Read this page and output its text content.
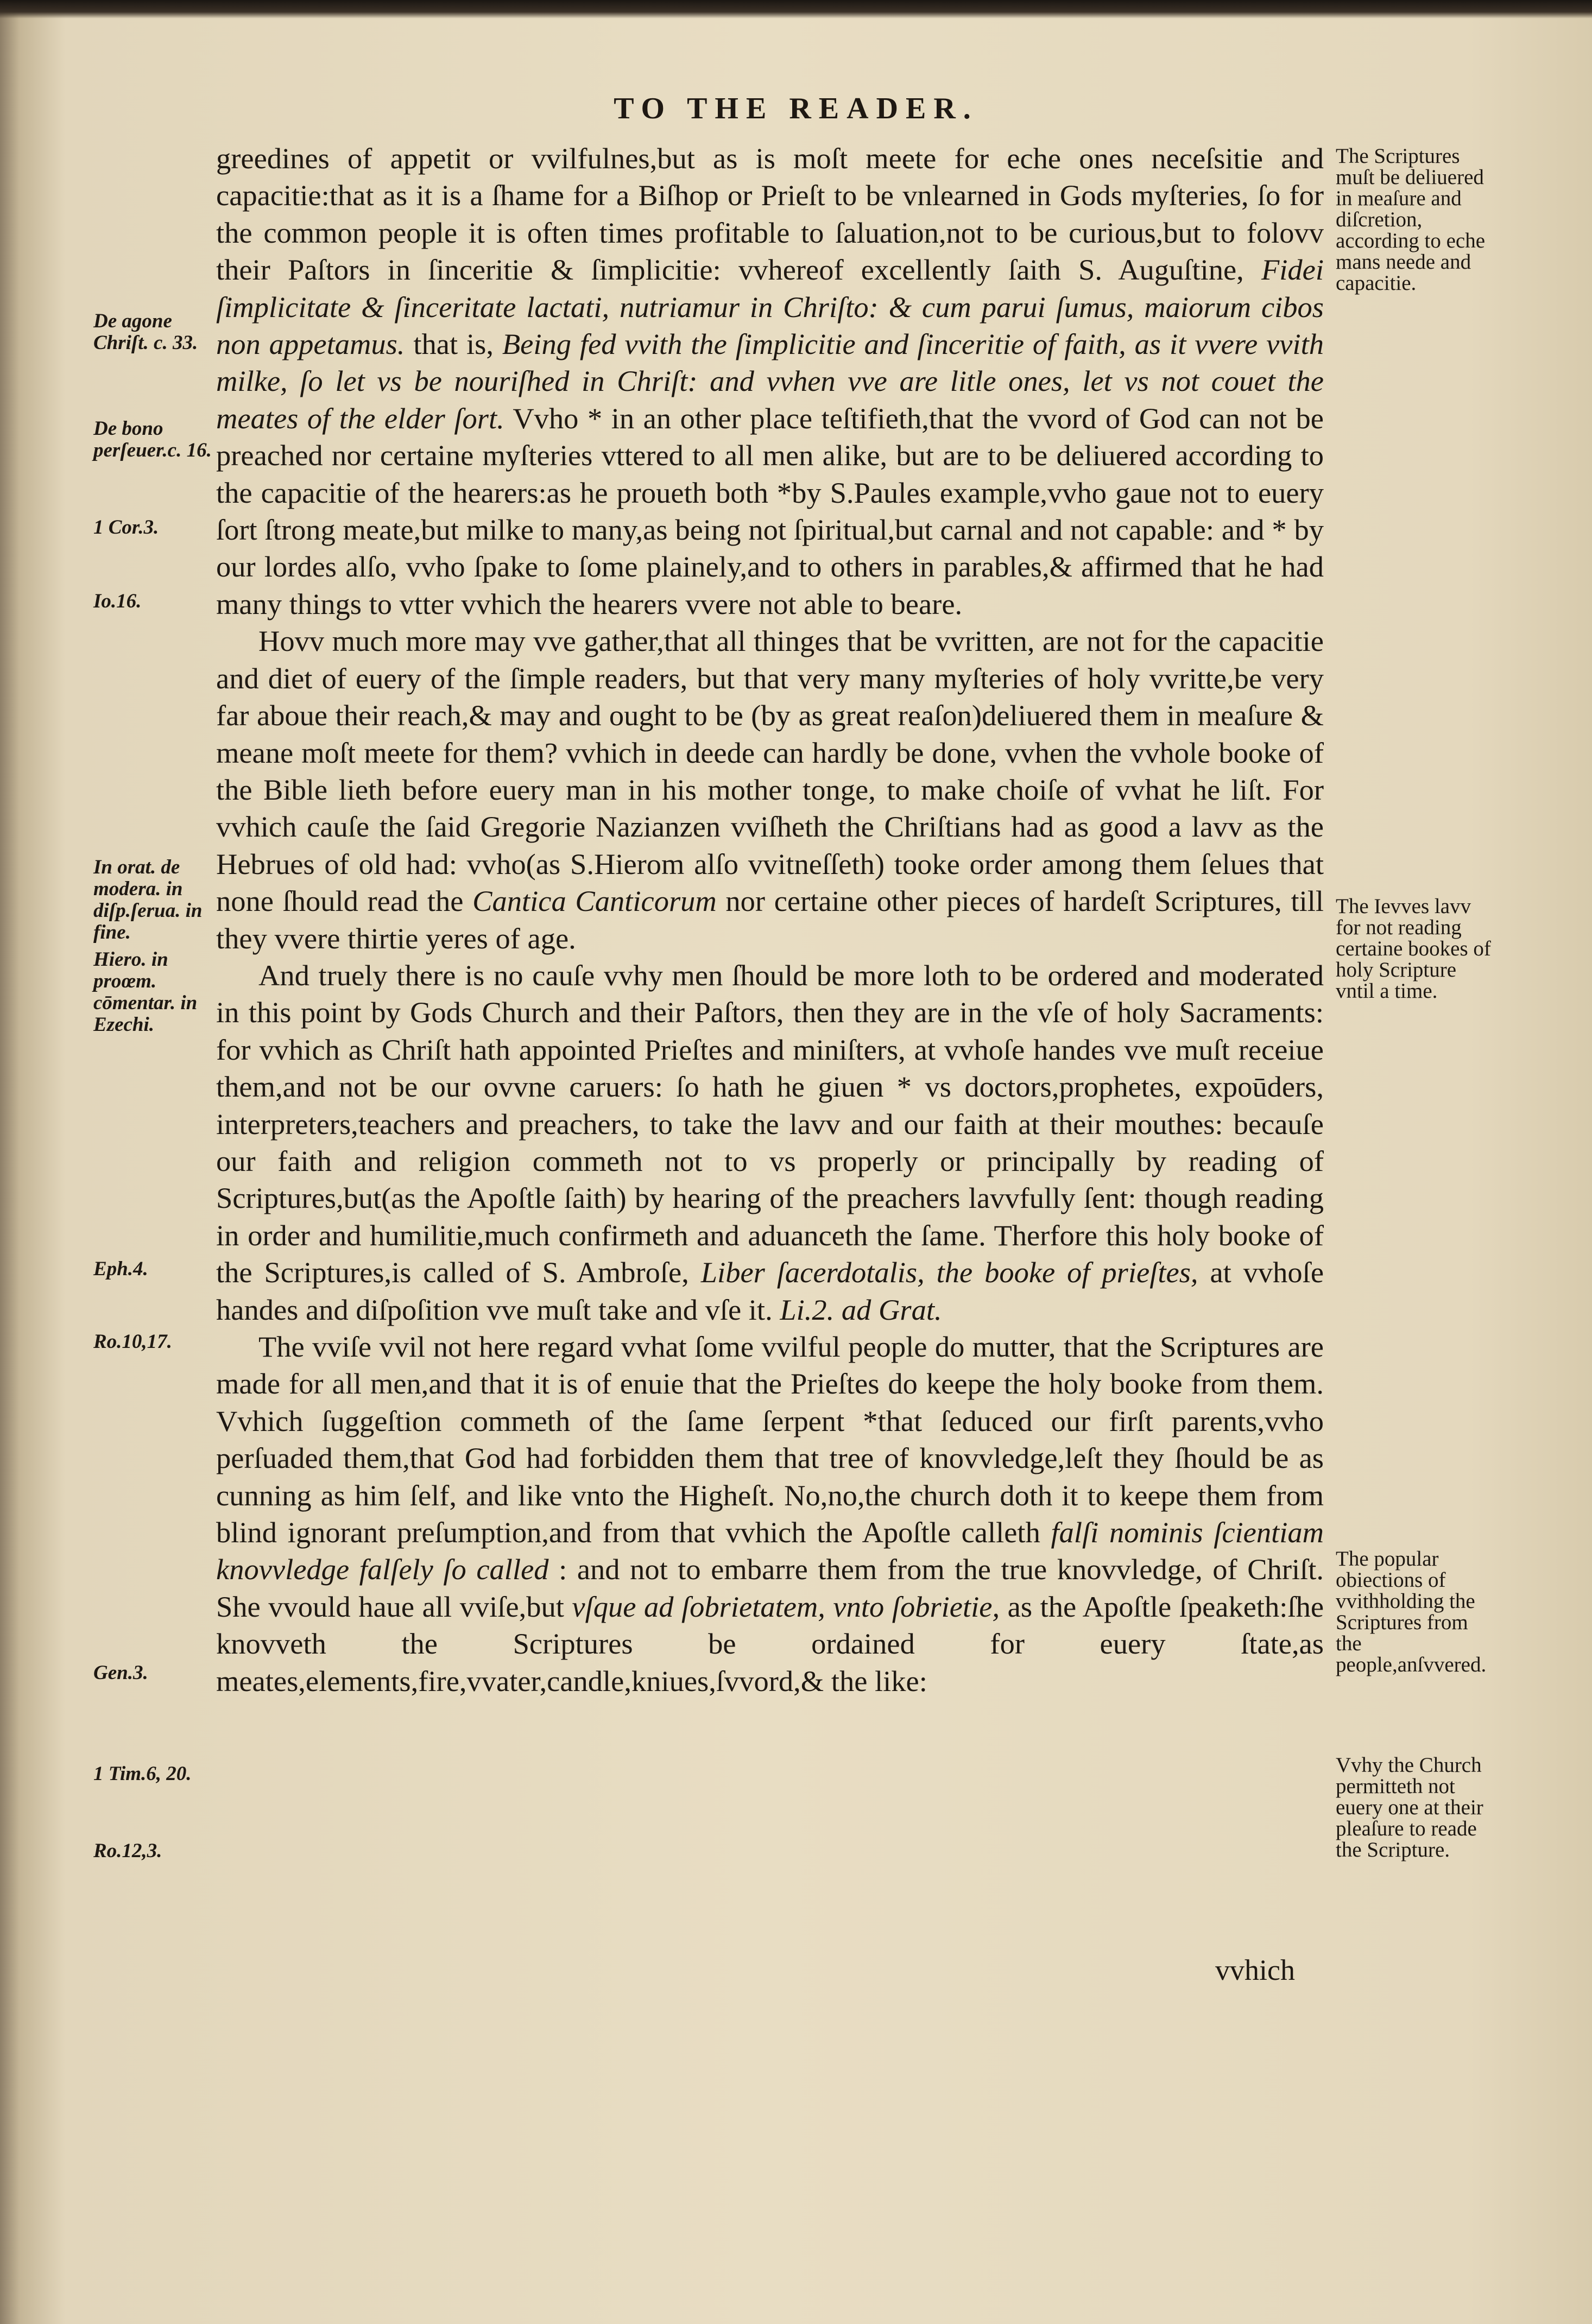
TO THE READER.

greedines of appetit or vvilfulnes,but as is moſt meete for eche ones neceſsitie and capacitie:that as it is a ſhame for a Biſhop or Prieſt to be vnlearned in Gods myſteries, ſo for the common people it is often times profitable to ſaluation,not to be curious,but to folovv their Paſtors in ſinceritie & ſimplicitie: vvhereof excellently ſaith S. Auguſtine, Fidei ſimplicitate & ſinceritate lactati, nutriamur in Chriſto: & cum parui ſumus, maiorum cibos non appetamus. that is, Being fed vvith the ſimplicitie and ſinceritie of faith, as it vvere vvith milke, ſo let vs be nouriſhed in Chriſt: and vvhen vve are litle ones, let vs not couet the meates of the elder ſort. Vvho * in an other place teſtifieth,that the vvord of God can not be preached nor certaine myſteries vttered to all men alike, but are to be deliuered according to the capacitie of the hearers:as he proueth both *by S.Paules example,vvho gaue not to euery ſort ſtrong meate,but milke to many,as being not ſpiritual,but carnal and not capable: and * by our lordes alſo, vvho ſpake to ſome plainely,and to others in parables,& affirmed that he had many things to vtter vvhich the hearers vvere not able to beare.

Hovv much more may vve gather,that all thinges that be vvritten, are not for the capacitie and diet of euery of the ſimple readers, but that very many myſteries of holy vvritte,be very far aboue their reach,& may and ought to be (by as great reaſon)deliuered them in meaſure & meane moſt meete for them? vvhich in deede can hardly be done, vvhen the vvhole booke of the Bible lieth before euery man in his mother tonge, to make choiſe of vvhat he liſt. For vvhich cauſe the ſaid Gregorie Nazianzen vviſheth the Chriſtians had as good a lavv as the Hebrues of old had: vvho(as S.Hierom alſo vvitneſſeth) tooke order among them ſelues that none ſhould read the Cantica Canticorum nor certaine other pieces of hardeſt Scriptures, till they vvere thirtie yeres of age.

And truely there is no cauſe vvhy men ſhould be more loth to be ordered and moderated in this point by Gods Church and their Paſtors, then they are in the vſe of holy Sacraments: for vvhich as Chriſt hath appointed Prieſtes and miniſters, at vvhoſe handes vve muſt receiue them,and not be our ovvne caruers: ſo hath he giuen * vs doctors,prophetes, expoūders, interpreters,teachers and preachers, to take the lavv and our faith at their mouthes: becauſe our faith and religion commeth not to vs properly or principally by reading of Scriptures,but(as the Apoſtle ſaith) by hearing of the preachers lavvfully ſent: though reading in order and humilitie,much confirmeth and aduanceth the ſame. Therfore this holy booke of the Scriptures,is called of S. Ambroſe, Liber ſacerdotalis, the booke of prieſtes, at vvhoſe handes and diſpoſition vve muſt take and vſe it. Li.2. ad Grat.

The vviſe vvil not here regard vvhat ſome vvilful people do mutter, that the Scriptures are made for all men,and that it is of enuie that the Prieſtes do keepe the holy booke from them. Vvhich ſuggeſtion commeth of the ſame ſerpent *that ſeduced our firſt parents,vvho perſuaded them,that God had forbidden them that tree of knovvledge,leſt they ſhould be as cunning as him ſelf, and like vnto the Higheſt. No,no,the church doth it to keepe them from blind ignorant preſumption,and from that vvhich the Apoſtle calleth falſi nominis ſcientiam knovvledge falſely ſo called : and not to embarre them from the true knovvledge, of Chriſt. She vvould haue all vviſe,but vſque ad ſobrietatem, vnto ſobrietie, as the Apoſtle ſpeaketh:ſhe knovveth the Scriptures be ordained for euery ſtate,as meates,elements,fire,vvater,candle,kniues,ſvvord,& the like:

vvhich
De agone Chriſt. c. 33.
De bono perſeuer.c. 16.
1 Cor.3.
Io.16.
In orat. de modera. in diſp.ſerua. in fine.
Hiero. in proœm. cōmentar. in Ezechi.
Eph.4.
Ro.10,17.
Gen.3.
1 Tim.6, 20.
Ro.12,3.
The Scriptures muſt be deliuered in meaſure and diſcretion, according to eche mans neede and capacitie.
The Ievves lavv for not reading certaine bookes of holy Scripture vntil a time.
The popular obiections of vvithholding the Scriptures from the people,anſvvered.
Vvhy the Church permitteth not euery one at their pleaſure to reade the Scripture.
